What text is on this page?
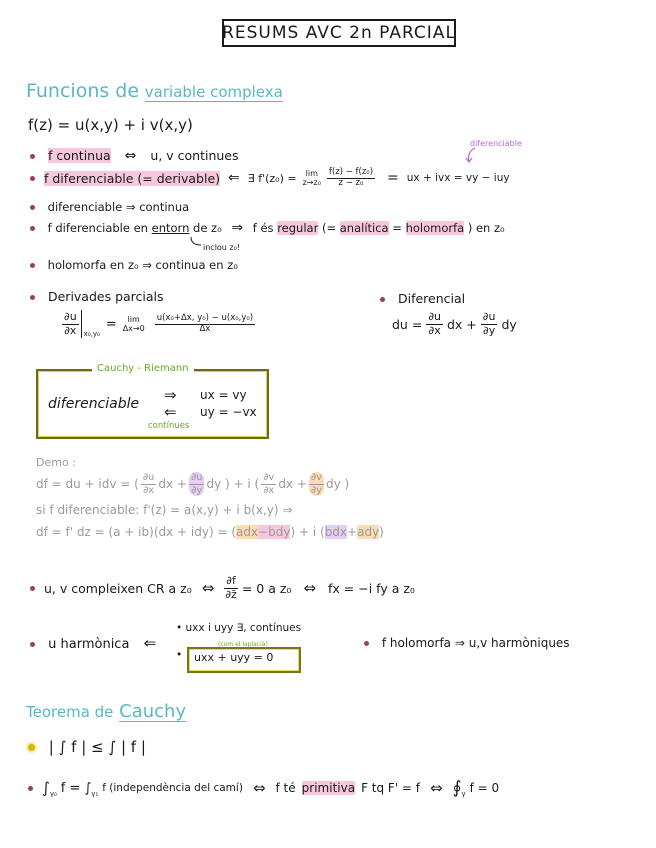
RESUMS AVC 2n PARCIAL
Funcions de variable complexa
f(z) = u(x,y) + i v(x,y)
f continua ⇔ u, v continues
diferenciable
f diferenciable (= derivable) ⇐ ∃ f'(z₀) = lim
$z\to z_0 \frac{\text{f(z) − f(z₀)}}{\text{z − z₀}}$ = ux + ivx = vy − iuy
diferenciable ⇒ continua
f diferenciable en entorn de z₀ ⇒ f és regular (= analítica = holomorfa ) en z₀
inclou z₀!
holomorfa en z₀ ⇒ continua en z₀
Derivades parcials
$\frac{\partial u}{\partial x} x_0,y_0$
= lim
$\Delta x\to 0 \frac{\text{u(x₀+Δx, y₀) − u(x₀,y₀)}}{\Delta x}$
Diferencial
du = $\frac{\partial u}{\partial x}$ dx + $\frac{\partial u}{\partial y}$ dy
Cauchy - Riemann
diferenciable ⇒
⇐
ux = vy
uy = −vx
contínues
Demo :
df = du + idv = ( $\frac{\partial u}{\partial x}$ dx + $\frac{\partial u}{\partial y}$ dy ) + i ( $\frac{\partial v}{\partial x}$ dx + $\frac{\partial v}{\partial y}$ dy )
si f diferenciable: f'(z) = a(x,y) + i b(x,y) ⇒
df = f' dz = (a + ib)(dx + idy) = (adx−bdy) + i (bdx+ady)
u, v compleixen CR a z₀ ⇔ $\frac{\partial f}{\partial z̄} = 0$ a z₀ ⇔ fx = −i fy a z₀
u harmònica ⇐
• uxx i uyy ∃, contínues
•
(com el laplacià)
uxx + uyy = 0
f holomorfa ⇒ u,v harmòniques
Teorema de Cauchy
| ∫ f | ≤ ∫ | f |
∫ γ₀ f = ∫ γ₁ f (independència del camí) ⇔ f té primitiva F tq F' = f ⇔ ∮ γ f = 0
